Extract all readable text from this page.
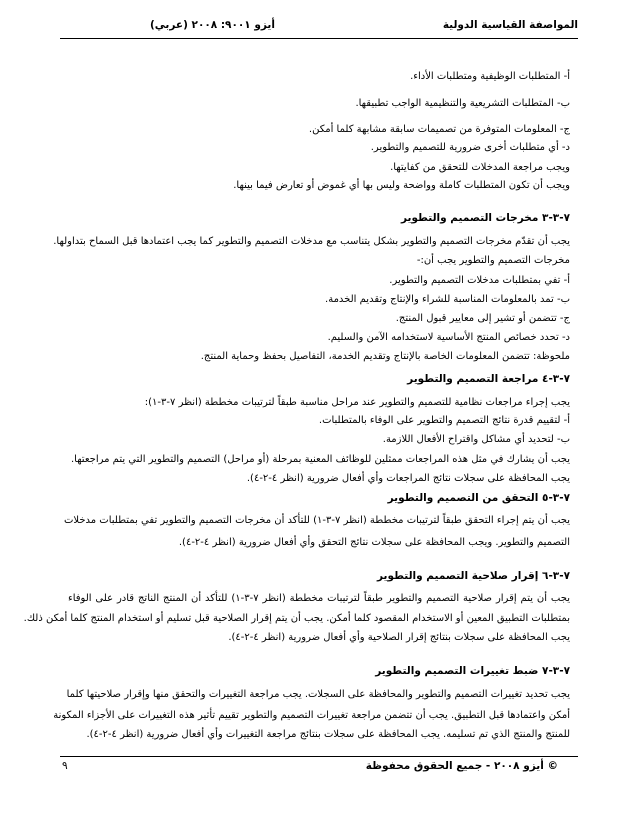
المواصفة القياسية الدولية
أيزو ٩٠٠١: ٢٠٠٨ (عربي)
أ- المتطلبات الوظيفية ومتطلبات الأداء.
ب- المتطلبات التشريعية والتنظيمية الواجب تطبيقها.
ج- المعلومات المتوفرة من تصميمات سابقة مشابهة كلما أمكن.
د- أي متطلبات أخرى ضرورية للتصميم والتطوير.
ويجب مراجعة المدخلات للتحقق من كفايتها.
ويجب أن تكون المتطلبات كاملة وواضحة وليس بها أي غموض أو تعارض فيما بينها.
٧-٣-٣ مخرجات التصميم والتطوير
يجب أن تقدّم مخرجات التصميم والتطوير بشكل يتناسب مع مدخلات التصميم والتطوير كما يجب اعتمادها قبل السماح بتداولها.
مخرجات التصميم والتطوير يجب أن:-
أ- تفي بمتطلبات مدخلات التصميم والتطوير.
ب- تمد بالمعلومات المناسبة للشراء والإنتاج وتقديم الخدمة.
ج- تتضمن أو تشير إلى معايير قبول المنتج.
د- تحدد خصائص المنتج الأساسية لاستخدامه الآمن والسليم.
ملحوظة: تتضمن المعلومات الخاصة بالإنتاج وتقديم الخدمة، التفاصيل بحفظ وحماية المنتج.
٧-٣-٤ مراجعة التصميم والتطوير
يجب إجراء مراجعات نظامية للتصميم والتطوير عند مراحل مناسبة طبقاً لترتيبات مخططة (انظر ٧-٣-١):
أ- لتقييم قدرة نتائج التصميم والتطوير على الوفاء بالمتطلبات.
ب- لتحديد أي مشاكل واقتراح الأفعال اللازمة.
يجب أن يشارك في مثل هذه المراجعات ممثلين للوظائف المعنية بمرحلة (أو مراحل) التصميم والتطوير التي يتم مراجعتها.
يجب المحافظة على سجلات نتائج المراجعات وأي أفعال ضرورية (انظر ٤-٢-٤).
٧-٣-٥ التحقق من التصميم والتطوير
يجب أن يتم إجراء التحقق طبقاً لترتيبات مخططة (انظر ٧-٣-١) للتأكد أن مخرجات التصميم والتطوير تفي بمتطلبات مدخلات
التصميم والتطوير. ويجب المحافظة على سجلات نتائج التحقق وأي أفعال ضرورية (انظر ٤-٢-٤).
٧-٣-٦ إقرار صلاحية التصميم والتطوير
يجب أن يتم إقرار صلاحية التصميم والتطوير طبقاً لترتيبات مخططة (انظر ٧-٣-١) للتأكد أن المنتج الناتج قادر على الوفاء
بمتطلبات التطبيق المعين أو الاستخدام المقصود كلما أمكن. يجب أن يتم إقرار الصلاحية قبل تسليم أو استخدام المنتج كلما أمكن ذلك.
يجب المحافظة على سجلات بنتائج إقرار الصلاحية وأي أفعال ضرورية (انظر ٤-٢-٤).
٧-٣-٧ ضبط تغييرات التصميم والتطوير
يجب تحديد تغييرات التصميم والتطوير والمحافظة على السجلات. يجب مراجعة التغييرات والتحقق منها وإقرار صلاحيتها كلما
أمكن واعتمادها قبل التطبيق. يجب أن تتضمن مراجعة تغييرات التصميم والتطوير تقييم تأثير هذه التغييرات على الأجزاء المكونة
للمنتج والمنتج الذي تم تسليمه. يجب المحافظة على سجلات بنتائج مراجعة التغييرات وأي أفعال ضرورية (انظر ٤-٢-٤).
© أيزو ٢٠٠٨ - جميع الحقوق محفوظة
٩
